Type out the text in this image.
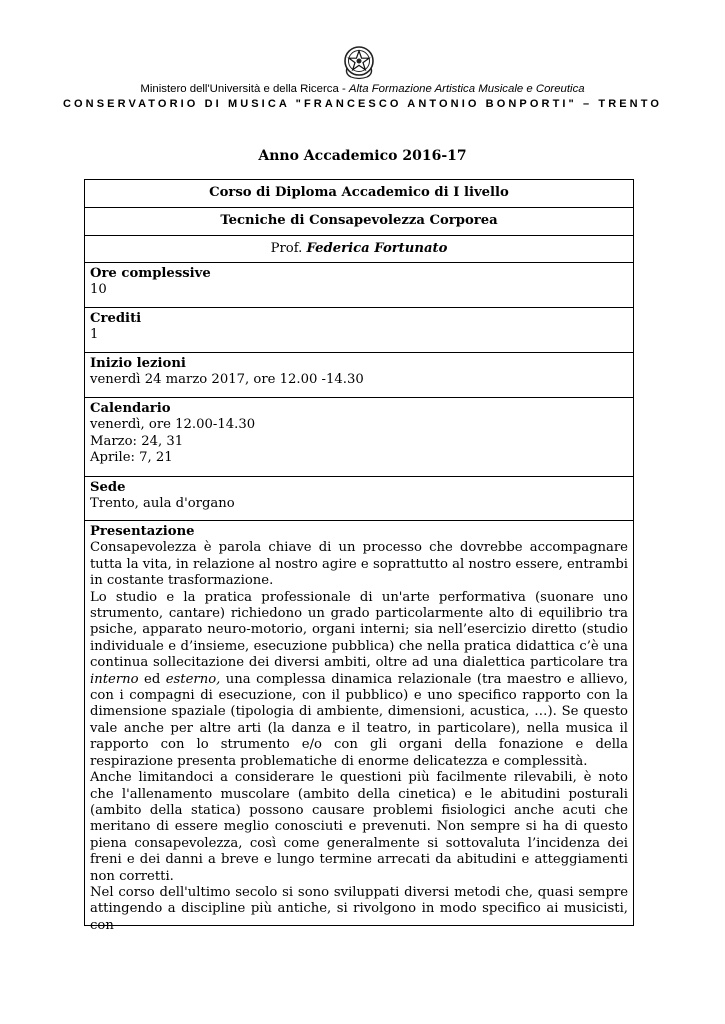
Ministero dell'Università e della Ricerca - Alta Formazione Artistica Musicale e Coreutica
CONSERVATORIO DI MUSICA "FRANCESCO ANTONIO BONPORTI" – TRENTO
Anno Accademico 2016-17
Corso di Diploma Accademico di I livello
Tecniche di Consapevolezza Corporea
Prof.
Federica Fortunato
Ore complessive
10
Crediti
1
Inizio lezioni
venerdì 24 marzo 2017, ore 12.00 -14.30
Calendario
venerdì, ore 12.00-14.30
Marzo: 24, 31
Aprile: 7, 21
Sede
Trento, aula d'organo
Presentazione

Consapevolezza è parola chiave di un processo che dovrebbe accompagnare tutta la vita, in relazione al nostro agire e soprattutto al nostro essere, entrambi in costante trasformazione.

Lo studio e la pratica professionale di un'arte performativa (suonare uno strumento, cantare) richiedono un grado particolarmente alto di equilibrio tra psiche, apparato neuro-motorio, organi interni; sia nell’esercizio diretto (studio individuale e d’insieme, esecuzione pubblica) che nella pratica didattica c’è una continua sollecitazione dei diversi ambiti, oltre ad una dialettica particolare tra interno ed esterno, una complessa dinamica relazionale (tra maestro e allievo, con i compagni di esecuzione, con il pubblico) e uno specifico rapporto con la dimensione spaziale (tipologia di ambiente, dimensioni, acustica, …). Se questo vale anche per altre arti (la danza e il teatro, in particolare), nella musica il rapporto con lo strumento e/o con gli organi della fonazione e della respirazione presenta problematiche di enorme delicatezza e complessità.

Anche limitandoci a considerare le questioni più facilmente rilevabili, è noto che l'allenamento muscolare (ambito della cinetica) e le abitudini posturali (ambito della statica) possono causare problemi fisiologici anche acuti che meritano di essere meglio conosciuti e prevenuti. Non sempre si ha di questo piena consapevolezza, così come generalmente si sottovaluta l’incidenza dei freni e dei danni a breve e lungo termine arrecati da abitudini e atteggiamenti non corretti.

Nel corso dell'ultimo secolo si sono sviluppati diversi metodi che, quasi sempre attingendo a discipline più antiche, si rivolgono in modo specifico ai musicisti, con
